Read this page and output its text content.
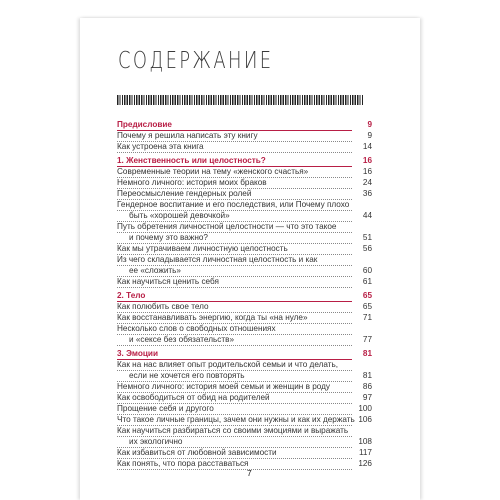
СОДЕРЖАНИЕ
Предисловие	9
Почему я решила написать эту книгу	9
Как устроена эта книга	14
1. Женственность или целостность?	16
Современные теории на тему «женского счастья»	16
Немного личного: история моих браков	24
Переосмысление гендерных ролей	36
Гендерное воспитание и его последствия, или Почему плохо
быть «хорошей девочкой»	44
Путь обретения личностной целостности — что это такое
и почему это важно?	51
Как мы утрачиваем личностную целостность	56
Из чего складывается личностная целостность и как
ее «сложить»	60
Как научиться ценить себя	61
2. Тело	65
Как полюбить свое тело	65
Как восстанавливать энергию, когда ты «на нуле»	71
Несколько слов о свободных отношениях
и «сексе без обязательств»	77
3. Эмоции	81
Как на нас влияет опыт родительской семьи и что делать,
если не хочется его повторять	81
Немного личного: история моей семьи и женщин в роду	86
Как освободиться от обид на родителей	97
Прощение себя и другого	100
Что такое личные границы, зачем они нужны и как их держать 106
Как научиться разбираться со своими эмоциями и выражать
их экологично	108
Как избавиться от любовной зависимости	117
Как понять, что пора расставаться	126
7
